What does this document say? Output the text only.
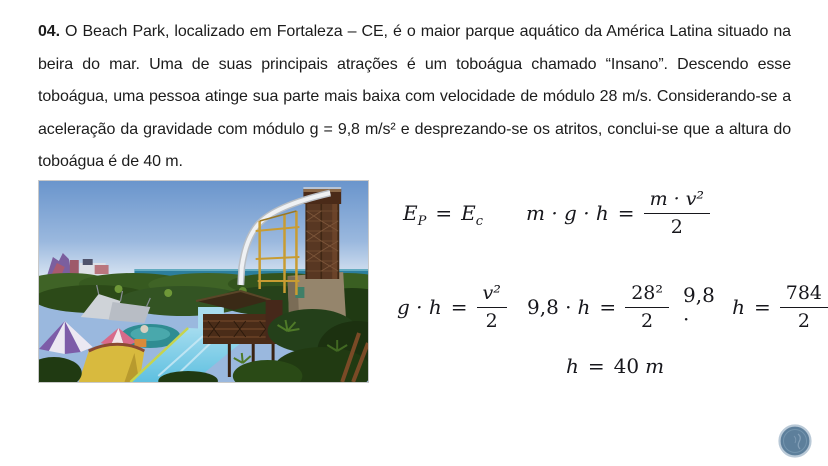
04. O Beach Park, localizado em Fortaleza – CE, é o maior parque aquático da América Latina situado na
beira do mar. Uma de suas principais atrações é um toboágua chamado “Insano”. Descendo esse
toboágua, uma pessoa atinge sua parte mais baixa com velocidade de módulo 28 m/s. Considerando-se a
aceleração da gravidade com módulo g = 9,8 m/s² e desprezando-se os atritos, conclui-se que a altura do
toboágua é de 40 m.
$E_P = E_c$ $m \cdot g \cdot h = \frac{\text{m · v²}}{2}$
$g \cdot h = \frac{\text{v²}}{2} 9,8 \cdot h = \frac{\text{28²}}{2} 9,8$ ·	$h = \frac{784}{2}$
h = 40 m
